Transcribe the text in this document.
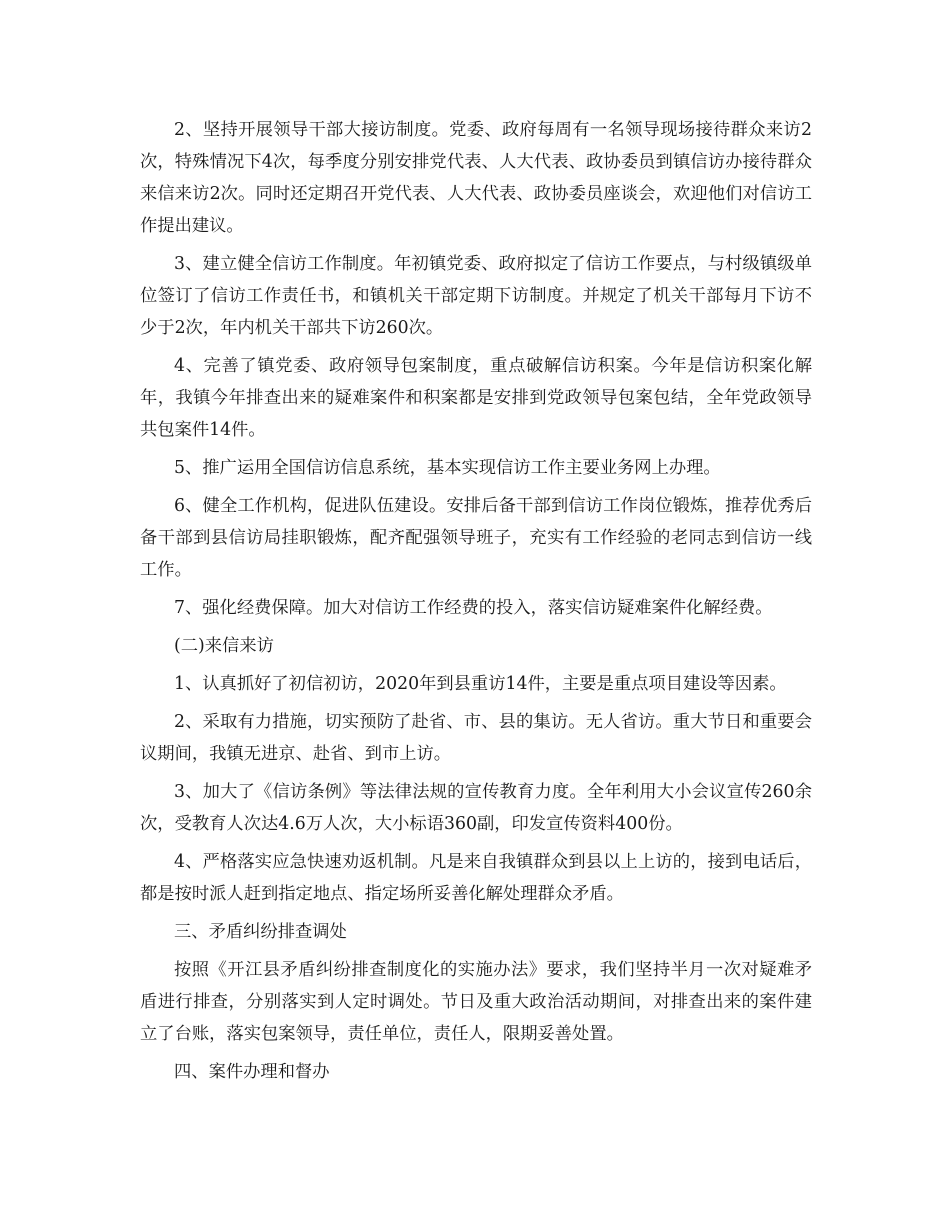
2、坚持开展领导干部大接访制度。党委、政府每周有一名领导现场接待群众来访2次，特殊情况下4次，每季度分别安排党代表、人大代表、政协委员到镇信访办接待群众来信来访2次。同时还定期召开党代表、人大代表、政协委员座谈会，欢迎他们对信访工作提出建议。

3、建立健全信访工作制度。年初镇党委、政府拟定了信访工作要点，与村级镇级单位签订了信访工作责任书，和镇机关干部定期下访制度。并规定了机关干部每月下访不少于2次，年内机关干部共下访260次。

4、完善了镇党委、政府领导包案制度，重点破解信访积案。今年是信访积案化解年，我镇今年排查出来的疑难案件和积案都是安排到党政领导包案包结，全年党政领导共包案件14件。

5、推广运用全国信访信息系统，基本实现信访工作主要业务网上办理。

6、健全工作机构，促进队伍建设。安排后备干部到信访工作岗位锻炼，推荐优秀后备干部到县信访局挂职锻炼，配齐配强领导班子，充实有工作经验的老同志到信访一线工作。

7、强化经费保障。加大对信访工作经费的投入，落实信访疑难案件化解经费。

(二)来信来访

1、认真抓好了初信初访，2020年到县重访14件，主要是重点项目建设等因素。

2、采取有力措施，切实预防了赴省、市、县的集访。无人省访。重大节日和重要会议期间，我镇无进京、赴省、到市上访。

3、加大了《信访条例》等法律法规的宣传教育力度。全年利用大小会议宣传260余次，受教育人次达4.6万人次，大小标语360副，印发宣传资料400份。

4、严格落实应急快速劝返机制。凡是来自我镇群众到县以上上访的，接到电话后，都是按时派人赶到指定地点、指定场所妥善化解处理群众矛盾。

三、矛盾纠纷排查调处

按照《开江县矛盾纠纷排查制度化的实施办法》要求，我们坚持半月一次对疑难矛盾进行排查，分别落实到人定时调处。节日及重大政治活动期间，对排查出来的案件建立了台账，落实包案领导，责任单位，责任人，限期妥善处置。

四、案件办理和督办
